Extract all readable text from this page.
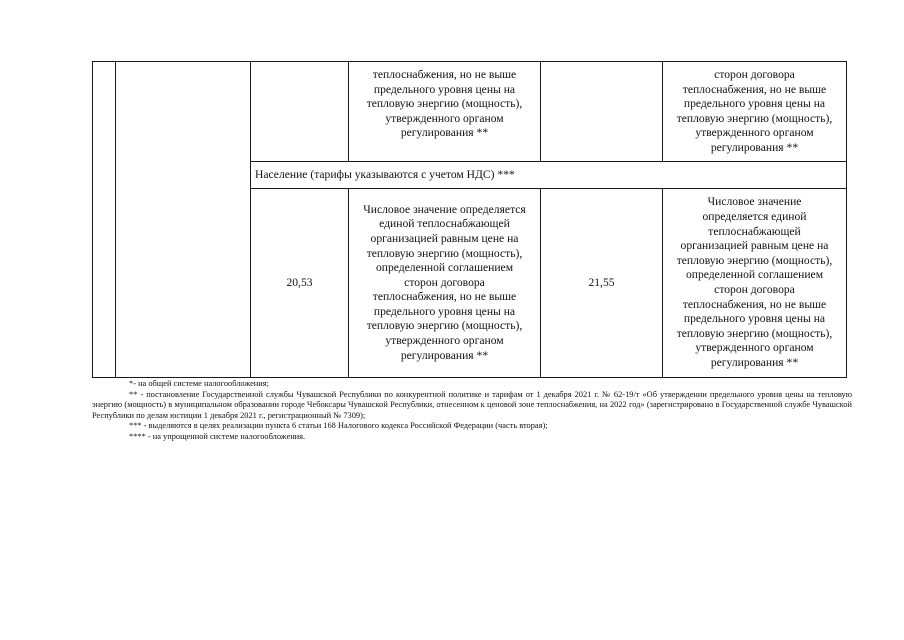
теплоснабжения, но не выше
предельного уровня цены на
тепловую энергию (мощность),
утвержденного органом
регулирования **
сторон договора
теплоснабжения, но не выше
предельного уровня цены на
тепловую энергию (мощность),
утвержденного органом
регулирования **
Население (тарифы указываются с учетом НДС) ***
20,53
Числовое значение определяется
единой теплоснабжающей
организацией равным цене на
тепловую энергию (мощность),
определенной соглашением
сторон договора
теплоснабжения, но не выше
предельного уровня цены на
тепловую энергию (мощность),
утвержденного органом
регулирования **
21,55
Числовое значение
определяется единой
теплоснабжающей
организацией равным цене на
тепловую энергию (мощность),
определенной соглашением
сторон договора
теплоснабжения, но не выше
предельного уровня цены на
тепловую энергию (мощность),
утвержденного органом
регулирования **

*- на общей системе налогообложения;

** - постановление Государственной службы Чувашской Республики по конкурентной политике и тарифам от 1 декабря 2021 г. № 62-19/т «Об утверждении предельного уровня цены на тепловую энергию (мощность) в муниципальном образовании городе Чебоксары Чувашской Республики, отнесенном к ценовой зоне теплоснабжения, на 2022 год» (зарегистрировано в Государственной службе Чувашской Республики по делам юстиции 1 декабря 2021 г., регистрационный № 7309);

*** - выделяются в целях реализации пункта 6 статьи 168 Налогового кодекса Российской Федерации (часть вторая);

**** - на упрощенной системе налогообложения.
